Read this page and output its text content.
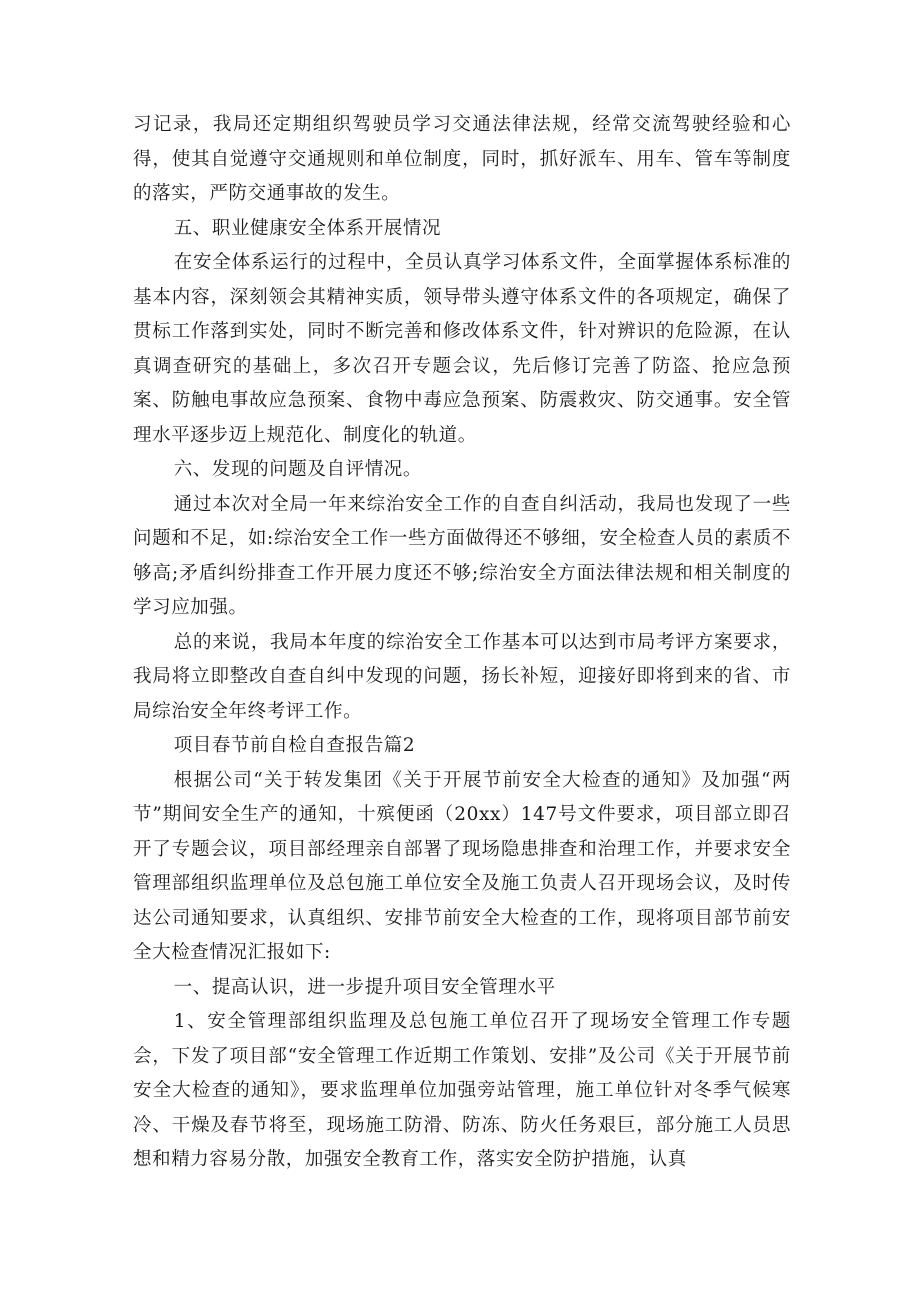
习记录，我局还定期组织驾驶员学习交通法律法规，经常交流驾驶经验和心得，使其自觉遵守交通规则和单位制度，同时，抓好派车、用车、管车等制度的落实，严防交通事故的发生。

五、职业健康安全体系开展情况

在安全体系运行的过程中，全员认真学习体系文件，全面掌握体系标准的基本内容，深刻领会其精神实质，领导带头遵守体系文件的各项规定，确保了贯标工作落到实处，同时不断完善和修改体系文件，针对辨识的危险源，在认真调查研究的基础上，多次召开专题会议，先后修订完善了防盗、抢应急预案、防触电事故应急预案、食物中毒应急预案、防震救灾、防交通事。安全管理水平逐步迈上规范化、制度化的轨道。

六、发现的问题及自评情况。

通过本次对全局一年来综治安全工作的自查自纠活动，我局也发现了一些问题和不足，如:综治安全工作一些方面做得还不够细，安全检查人员的素质不够高;矛盾纠纷排查工作开展力度还不够;综治安全方面法律法规和相关制度的学习应加强。

总的来说，我局本年度的综治安全工作基本可以达到市局考评方案要求，我局将立即整改自查自纠中发现的问题，扬长补短，迎接好即将到来的省、市局综治安全年终考评工作。

项目春节前自检自查报告篇2

根据公司“关于转发集团《关于开展节前安全大检查的通知》及加强“两节”期间安全生产的通知，十殡便函（20xx）147号文件要求，项目部立即召开了专题会议，项目部经理亲自部署了现场隐患排查和治理工作，并要求安全管理部组织监理单位及总包施工单位安全及施工负责人召开现场会议，及时传达公司通知要求，认真组织、安排节前安全大检查的工作，现将项目部节前安全大检查情况汇报如下:

一、提高认识，进一步提升项目安全管理水平

1、安全管理部组织监理及总包施工单位召开了现场安全管理工作专题会，下发了项目部“安全管理工作近期工作策划、安排”及公司《关于开展节前安全大检查的通知》，要求监理单位加强旁站管理，施工单位针对冬季气候寒冷、干燥及春节将至，现场施工防滑、防冻、防火任务艰巨，部分施工人员思想和精力容易分散，加强安全教育工作，落实安全防护措施，认真
